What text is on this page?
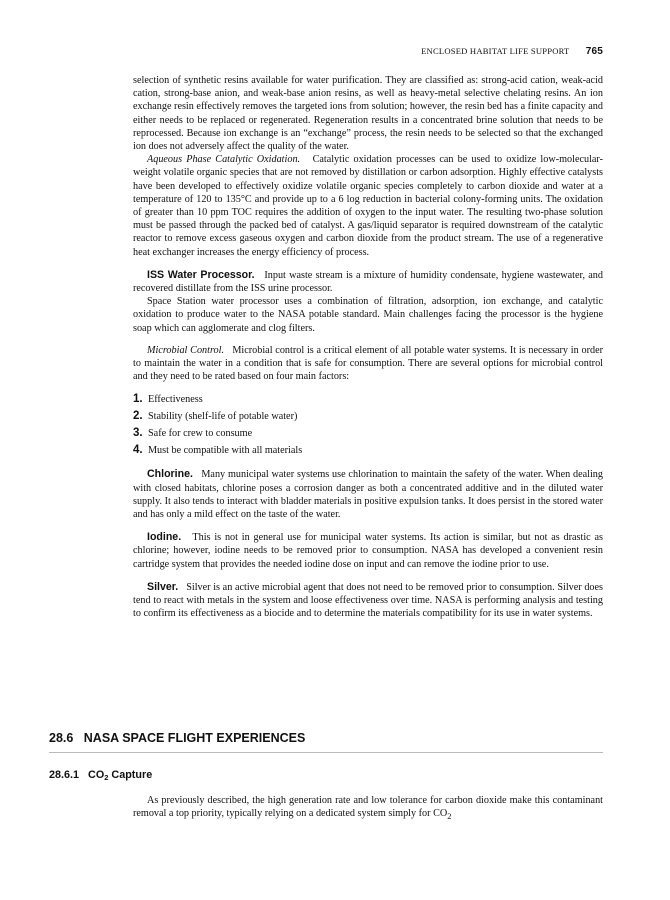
ENCLOSED HABITAT LIFE SUPPORT 765

selection of synthetic resins available for water purification. They are classified as: strong-acid cation, weak-acid cation, strong-base anion, and weak-base anion resins, as well as heavy-metal selective chelating resins. An ion exchange resin effectively removes the targeted ions from solution; however, the resin bed has a finite capacity and either needs to be replaced or regenerated. Regeneration results in a concentrated brine solution that needs to be reprocessed. Because ion exchange is an “exchange” process, the resin needs to be selected so that the exchanged ion does not adversely affect the quality of the water.

Aqueous Phase Catalytic Oxidation. Catalytic oxidation processes can be used to oxidize low-molecular-weight volatile organic species that are not removed by distillation or carbon adsorption. Highly effective catalysts have been developed to effectively oxidize volatile organic species completely to carbon dioxide and water at a temperature of 120 to 135°C and provide up to a 6 log reduction in bacterial colony-forming units. The oxidation of greater than 10 ppm TOC requires the addition of oxygen to the input water. The resulting two-phase solution must be passed through the packed bed of catalyst. A gas/liquid separator is required downstream of the catalytic reactor to remove excess gaseous oxygen and carbon dioxide from the product stream. The use of a regenerative heat exchanger increases the energy efficiency of process.

ISS Water Processor. Input waste stream is a mixture of humidity condensate, hygiene wastewater, and recovered distillate from the ISS urine processor.

Space Station water processor uses a combination of filtration, adsorption, ion exchange, and catalytic oxidation to produce water to the NASA potable standard. Main challenges facing the processor is the hygiene soap which can agglomerate and clog filters.

Microbial Control. Microbial control is a critical element of all potable water systems. It is necessary in order to maintain the water in a condition that is safe for consumption. There are several options for microbial control and they need to be rated based on four main factors:

1. Effectiveness
2. Stability (shelf-life of potable water)
3. Safe for crew to consume
4. Must be compatible with all materials

Chlorine. Many municipal water systems use chlorination to maintain the safety of the water. When dealing with closed habitats, chlorine poses a corrosion danger as both a concentrated additive and in the diluted water supply. It also tends to interact with bladder materials in positive expulsion tanks. It does persist in the stored water and has only a mild effect on the taste of the water.

Iodine. This is not in general use for municipal water systems. Its action is similar, but not as drastic as chlorine; however, iodine needs to be removed prior to consumption. NASA has developed a convenient resin cartridge system that provides the needed iodine dose on input and can remove the iodine prior to use.

Silver. Silver is an active microbial agent that does not need to be removed prior to consumption. Silver does tend to react with metals in the system and loose effectiveness over time. NASA is performing analysis and testing to confirm its effectiveness as a biocide and to determine the materials compatibility for its use in water systems.

28.6 NASA SPACE FLIGHT EXPERIENCES
28.6.1 $CO_2$ Capture

As previously described, the high generation rate and low tolerance for carbon dioxide make this contaminant removal a top priority, typically relying on a dedicated system simply for $CO_2$
